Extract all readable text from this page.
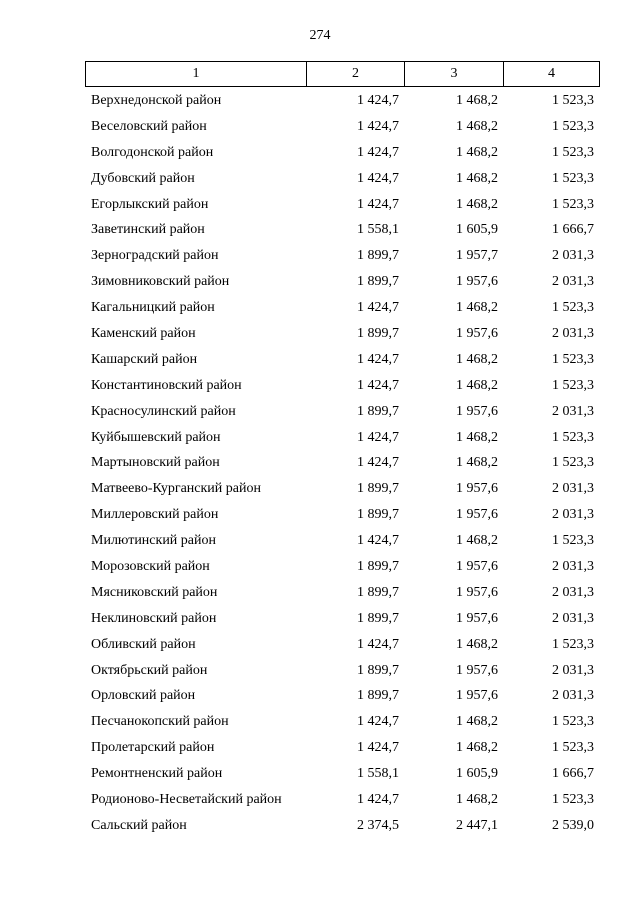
274
1	2	3	4
Верхнедонской район	1 424,7	1 468,2	1 523,3
Веселовский район	1 424,7	1 468,2	1 523,3
Волгодонской район	1 424,7	1 468,2	1 523,3
Дубовский район	1 424,7	1 468,2	1 523,3
Егорлыкский район	1 424,7	1 468,2	1 523,3
Заветинский район	1 558,1	1 605,9	1 666,7
Зерноградский район	1 899,7	1 957,7	2 031,3
Зимовниковский район	1 899,7	1 957,6	2 031,3
Кагальницкий район	1 424,7	1 468,2	1 523,3
Каменский район	1 899,7	1 957,6	2 031,3
Кашарский район	1 424,7	1 468,2	1 523,3
Константиновский район	1 424,7	1 468,2	1 523,3
Красносулинский район	1 899,7	1 957,6	2 031,3
Куйбышевский район	1 424,7	1 468,2	1 523,3
Мартыновский район	1 424,7	1 468,2	1 523,3
Матвеево-Курганский район	1 899,7	1 957,6	2 031,3
Миллеровский район	1 899,7	1 957,6	2 031,3
Милютинский район	1 424,7	1 468,2	1 523,3
Морозовский район	1 899,7	1 957,6	2 031,3
Мясниковский район	1 899,7	1 957,6	2 031,3
Неклиновский район	1 899,7	1 957,6	2 031,3
Обливский район	1 424,7	1 468,2	1 523,3
Октябрьский район	1 899,7	1 957,6	2 031,3
Орловский район	1 899,7	1 957,6	2 031,3
Песчанокопский район	1 424,7	1 468,2	1 523,3
Пролетарский район	1 424,7	1 468,2	1 523,3
Ремонтненский район	1 558,1	1 605,9	1 666,7
Родионово-Несветайский район	1 424,7	1 468,2	1 523,3
Сальский район	2 374,5	2 447,1	2 539,0
